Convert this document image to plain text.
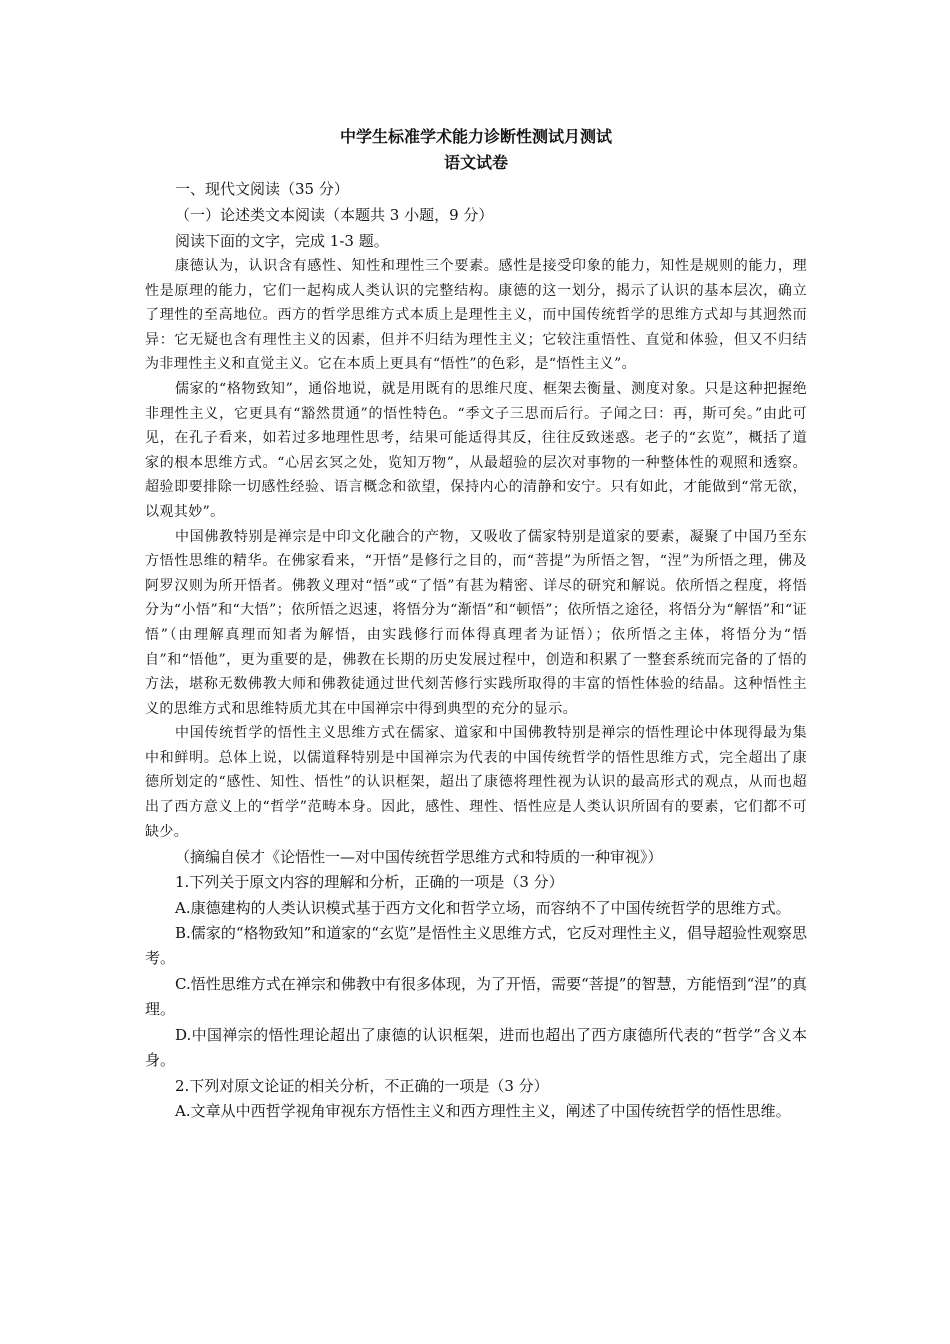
中学生标准学术能力诊断性测试月测试

语文试卷

一、现代文阅读（35 分）

（一）论述类文本阅读（本题共 3 小题，9 分）

阅读下面的文字，完成 1-3 题。

康德认为，认识含有感性、知性和理性三个要素。感性是接受印象的能力，知性是规则的能力，理性是原理的能力，它们一起构成人类认识的完整结构。康德的这一划分，揭示了认识的基本层次，确立了理性的至高地位。西方的哲学思维方式本质上是理性主义，而中国传统哲学的思维方式却与其迥然而异：它无疑也含有理性主义的因素，但并不归结为理性主义；它较注重悟性、直觉和体验，但又不归结为非理性主义和直觉主义。它在本质上更具有“悟性”的色彩，是“悟性主义”。

儒家的“格物致知”，通俗地说，就是用既有的思维尺度、框架去衡量、测度对象。只是这种把握绝非理性主义，它更具有“豁然贯通”的悟性特色。“季文子三思而后行。子闻之曰：再，斯可矣。”由此可见，在孔子看来，如若过多地理性思考，结果可能适得其反，往往反致迷惑。老子的“玄览”，概括了道家的根本思维方式。“心居玄冥之处，览知万物”，从最超验的层次对事物的一种整体性的观照和透察。超验即要排除一切感性经验、语言概念和欲望，保持内心的清静和安宁。只有如此，才能做到“常无欲，以观其妙”。

中国佛教特别是禅宗是中印文化融合的产物，又吸收了儒家特别是道家的要素，凝聚了中国乃至东方悟性思维的精华。在佛家看来，“开悟”是修行之目的，而“菩提”为所悟之智，“涅”为所悟之理，佛及阿罗汉则为所开悟者。佛教义理对“悟”或“了悟”有甚为精密、详尽的研究和解说。依所悟之程度，将悟分为“小悟”和“大悟”；依所悟之迟速，将悟分为“渐悟”和“顿悟”；依所悟之途径，将悟分为“解悟”和“证悟”（由理解真理而知者为解悟，由实践修行而体得真理者为证悟）；依所悟之主体，将悟分为“悟自”和“悟他”，更为重要的是，佛教在长期的历史发展过程中，创造和积累了一整套系统而完备的了悟的方法，堪称无数佛教大师和佛教徒通过世代刻苦修行实践所取得的丰富的悟性体验的结晶。这种悟性主义的思维方式和思维特质尤其在中国禅宗中得到典型的充分的显示。

中国传统哲学的悟性主义思维方式在儒家、道家和中国佛教特别是禅宗的悟性理论中体现得最为集中和鲜明。总体上说，以儒道释特别是中国禅宗为代表的中国传统哲学的悟性思维方式，完全超出了康德所划定的“感性、知性、悟性”的认识框架，超出了康德将理性视为认识的最高形式的观点，从而也超出了西方意义上的“哲学”范畴本身。因此，感性、理性、悟性应是人类认识所固有的要素，它们都不可缺少。

（摘编自侯才《论悟性一—对中国传统哲学思维方式和特质的一种审视》）

1.下列关于原文内容的理解和分析，正确的一项是（3 分）

A.康德建构的人类认识模式基于西方文化和哲学立场，而容纳不了中国传统哲学的思维方式。

B.儒家的“格物致知”和道家的“玄览”是悟性主义思维方式，它反对理性主义，倡导超验性观察思考。

C.悟性思维方式在禅宗和佛教中有很多体现，为了开悟，需要“菩提”的智慧，方能悟到“涅”的真理。

D.中国禅宗的悟性理论超出了康德的认识框架，进而也超出了西方康德所代表的“哲学”含义本身。

2.下列对原文论证的相关分析，不正确的一项是（3 分）

A.文章从中西哲学视角审视东方悟性主义和西方理性主义，阐述了中国传统哲学的悟性思维。
